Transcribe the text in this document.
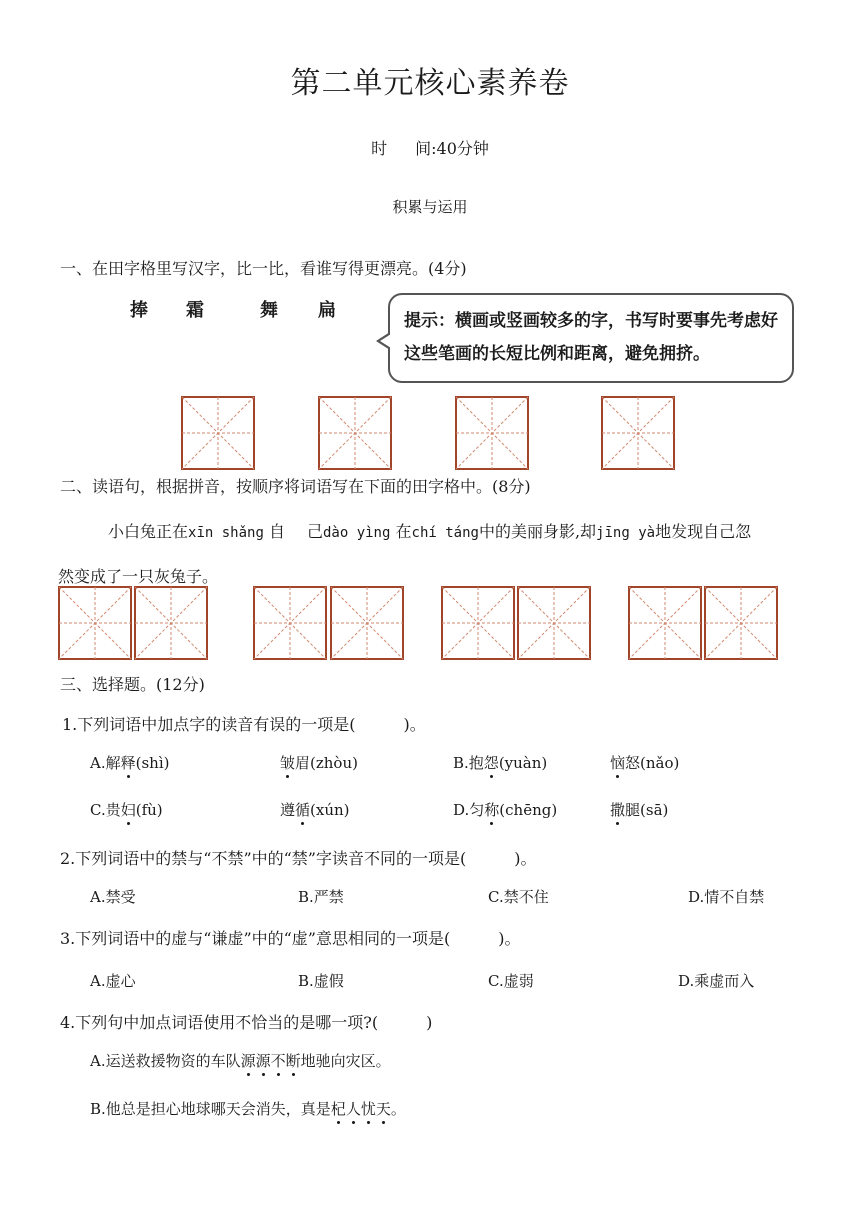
第二单元核心素养卷
时 间:40分钟
积累与运用
一、在田字格里写汉字，比一比，看谁写得更漂亮。(4分)
捧 霜	舞 扁	提示：横画或竖画较多的字，书写时要事先考虑好这些笔画的长短比例和距离，避免拥挤。
二、读语句，根据拼音，按顺序将词语写在下面的田字格中。(8分)
小白兔正在xīn shǎng 自 己dào yìng 在chí táng中的美丽身影,却jīng yà地发现自己忽
然变成了一只灰兔子。
三、选择题。(12分)
1.下列词语中加点字的读音有误的一项是(　　　)。
A.解释(shì)	皱眉(zhòu)	B.抱怨(yuàn)	恼怒(nǎo)
C.贵妇(fù)	遵循(xún)	D.匀称(chēng)	撒腿(sā)
2.下列词语中的禁与“不禁”中的“禁”字读音不同的一项是(　　　)。
A.禁受	B.严禁	C.禁不住	D.情不自禁
3.下列词语中的虚与“谦虚”中的“虚”意思相同的一项是(　　　)。
A.虚心	B.虚假	C.虚弱	D.乘虚而入
4.下列句中加点词语使用不恰当的是哪一项?(　　　)
A.运送救援物资的车队源源不断地驰向灾区。
B.他总是担心地球哪天会消失，真是杞人忧天。
